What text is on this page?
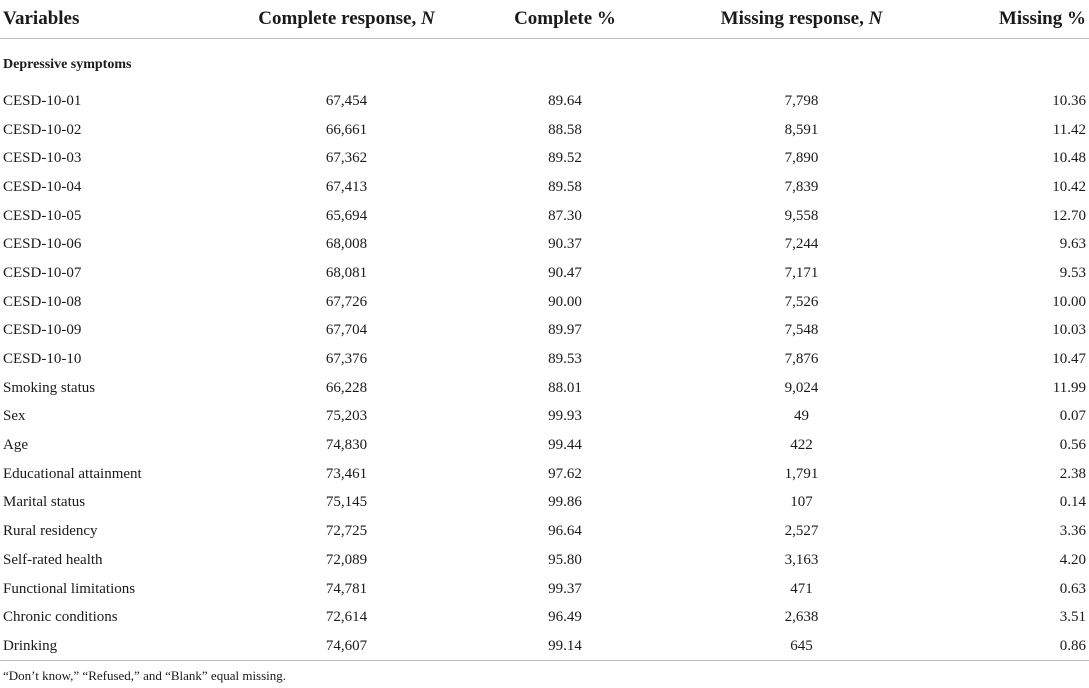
Variables	Complete response, N	Complete %	Missing response, N	Missing %
Depressive symptoms				
CESD-10-01	67,454	89.64	7,798	10.36
CESD-10-02	66,661	88.58	8,591	11.42
CESD-10-03	67,362	89.52	7,890	10.48
CESD-10-04	67,413	89.58	7,839	10.42
CESD-10-05	65,694	87.30	9,558	12.70
CESD-10-06	68,008	90.37	7,244	9.63
CESD-10-07	68,081	90.47	7,171	9.53
CESD-10-08	67,726	90.00	7,526	10.00
CESD-10-09	67,704	89.97	7,548	10.03
CESD-10-10	67,376	89.53	7,876	10.47
Smoking status	66,228	88.01	9,024	11.99
Sex	75,203	99.93	49	0.07
Age	74,830	99.44	422	0.56
Educational attainment	73,461	97.62	1,791	2.38
Marital status	75,145	99.86	107	0.14
Rural residency	72,725	96.64	2,527	3.36
Self-rated health	72,089	95.80	3,163	4.20
Functional limitations	74,781	99.37	471	0.63
Chronic conditions	72,614	96.49	2,638	3.51
Drinking	74,607	99.14	645	0.86
“Don’t know,” “Refused,” and “Blank” equal missing.
